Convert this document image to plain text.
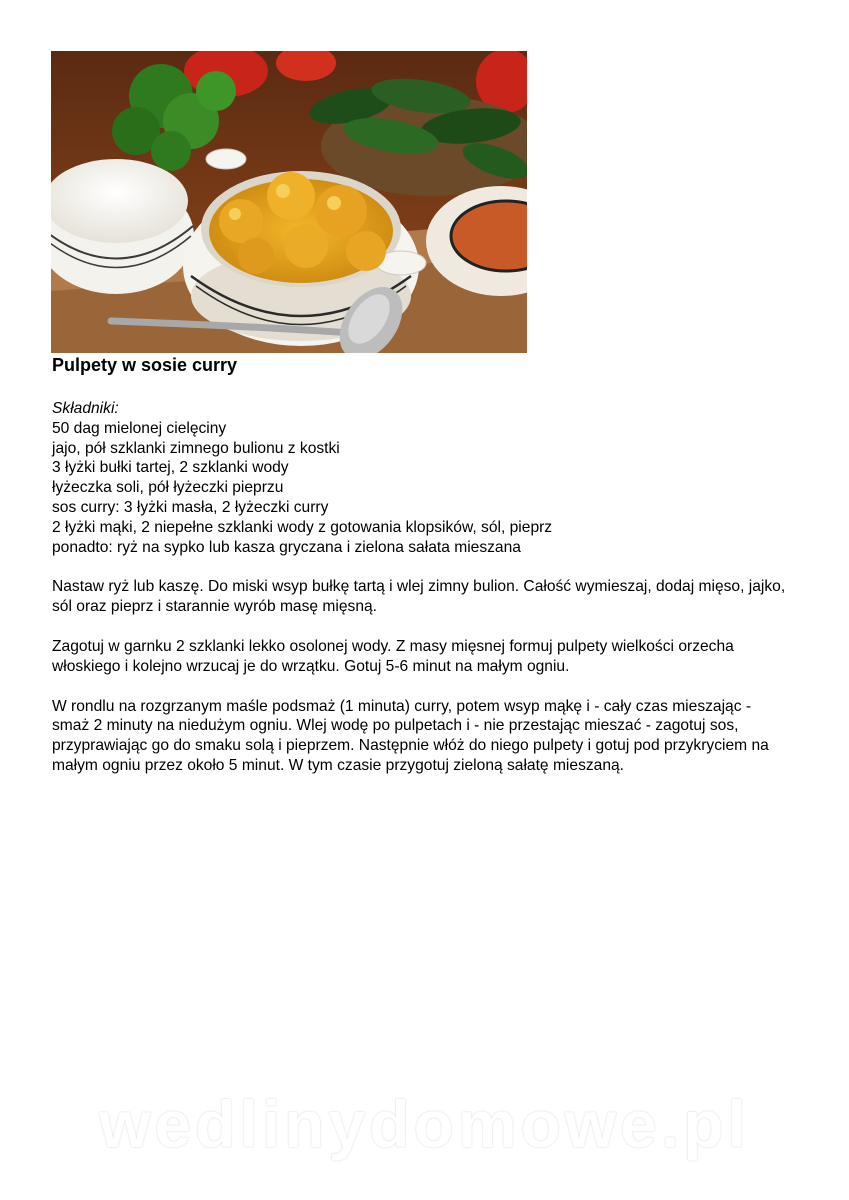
Pulpety w sosie curry

Składniki:

50 dag mielonej cielęciny
jajo, pół szklanki zimnego bulionu z kostki
3 łyżki bułki tartej, 2 szklanki wody
łyżeczka soli, pół łyżeczki pieprzu
sos curry: 3 łyżki masła, 2 łyżeczki curry
2 łyżki mąki, 2 niepełne szklanki wody z gotowania klopsików, sól, pieprz
ponadto: ryż na sypko lub kasza gryczana i zielona sałata mieszana

Nastaw ryż lub kaszę. Do miski wsyp bułkę tartą i wlej zimny bulion. Całość wymieszaj, dodaj mięso, jajko, sól oraz pieprz i starannie wyrób masę mięsną.

Zagotuj w garnku 2 szklanki lekko osolonej wody. Z masy mięsnej formuj pulpety wielkości orzecha włoskiego i kolejno wrzucaj je do wrzątku. Gotuj 5-6 minut na małym ogniu.

W rondlu na rozgrzanym maśle podsmaż (1 minuta) curry, potem wsyp mąkę i - cały czas mieszając - smaż 2 minuty na niedużym ogniu. Wlej wodę po pulpetach i - nie przestając mieszać - zagotuj sos, przyprawiając go do smaku solą i pieprzem. Następnie włóż do niego pulpety i gotuj pod przykryciem na małym ogniu przez około 5 minut. W tym czasie przygotuj zieloną sałatę mieszaną.

wedlinydomowe.pl
